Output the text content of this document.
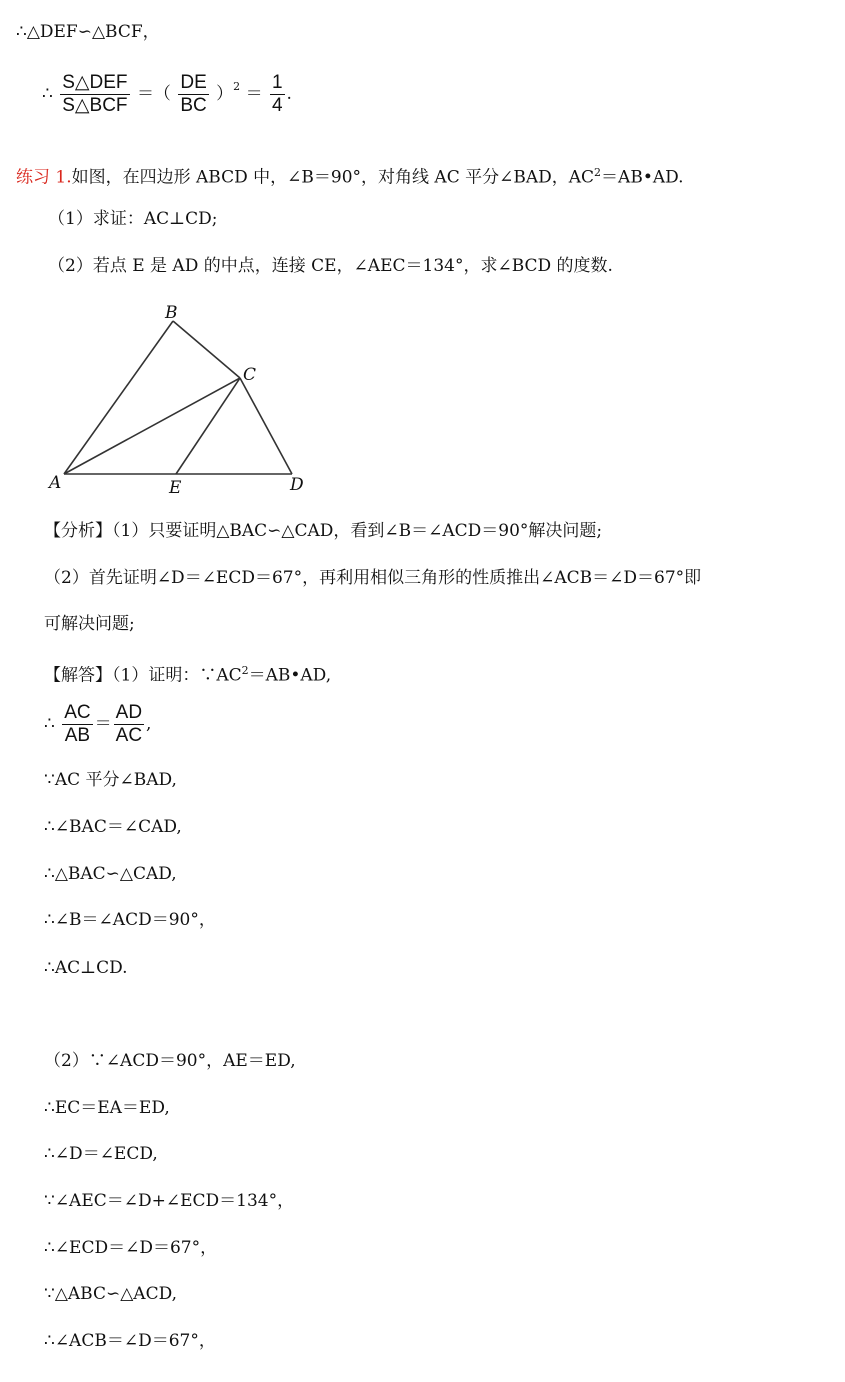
∴△DEF∽△BCF，
∴ $\frac{\text{S△DEF}}{\text{S△BCF}}$ ＝（ $\frac{DE}{BC} )^2 = \frac{1}{4}$ .
练习 1.如图，在四边形 ABCD 中，∠B＝90°，对角线 AC 平分∠BAD，$AC^2=AB•AD$.
（1）求证：AC⊥CD;
（2）若点 E 是 AD 的中点，连接 CE，∠AEC＝134°，求∠BCD 的度数.
A
B
C
D
E
【分析】（1）只要证明△BAC∽△CAD，看到∠B＝∠ACD＝90°解决问题;
（2）首先证明∠D＝∠ECD＝67°，再利用相似三角形的性质推出∠ACB＝∠D＝67°即
可解决问题;
【解答】（1）证明：$\because AC^2=AB•AD$,
∴ $\frac{AC}{AB} = \frac{AD}{AC}$ ,
∵AC 平分∠BAD,
∴∠BAC＝∠CAD,
∴△BAC∽△CAD,
∴∠B＝∠ACD＝90°，
∴AC⊥CD.
（2）∵∠ACD＝90°，AE＝ED,
∴EC＝EA＝ED,
∴∠D＝∠ECD,
∵∠AEC＝∠D+∠ECD＝134°，
∴∠ECD＝∠D＝67°，
∵△ABC∽△ACD,
∴∠ACB＝∠D＝67°，
